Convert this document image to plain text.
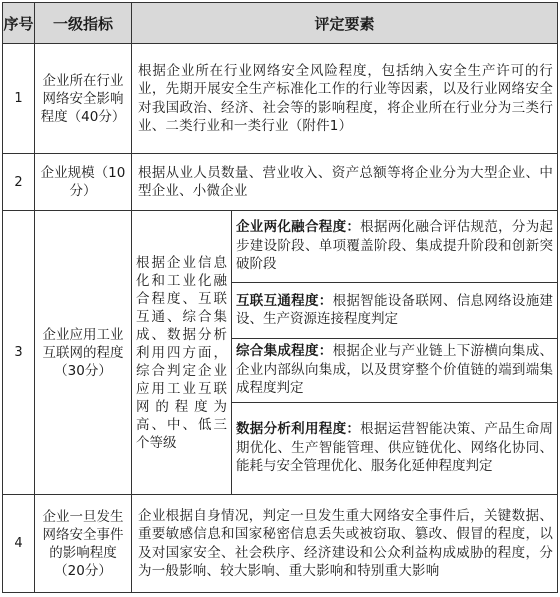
序号	一级指标	评定要素	
1	企业所在行业网络安全影响程度（40分）	根据企业所在行业网络安全风险程度，包括纳入安全生产许可的行业，先期开展安全生产标准化工作的行业等因素，以及行业网络安全对我国政治、经济、社会等的影响程度，将企业所在行业分为三类行业、二类行业和一类行业（附件1）	
2	企业规模（10分）	根据从业人员数量、营业收入、资产总额等将企业分为大型企业、中型企业、小微企业	
3	企业应用工业互联网的程度（30分）	根据企业信息化和工业化融合程度、互联互通、综合集成、数据分析利用四方面，综合判定企业应用工业互联网的程度为高、中、低三个等级	企业两化融合程度：根据两化融合评估规范，分为起步建设阶段、单项覆盖阶段、集成提升阶段和创新突破阶段
			互联互通程度：根据智能设备联网、信息网络设施建设、生产资源连接程度判定
			综合集成程度：根据企业与产业链上下游横向集成、企业内部纵向集成，以及贯穿整个价值链的端到端集成程度判定
			数据分析利用程度：根据运营智能决策、产品生命周期优化、生产智能管理、供应链优化、网络化协同、能耗与安全管理优化、服务化延伸程度判定
4	企业一旦发生网络安全事件的影响程度（20分）	企业根据自身情况，判定一旦发生重大网络安全事件后，关键数据、重要敏感信息和国家秘密信息丢失或被窃取、篡改、假冒的程度，以及对国家安全、社会秩序、经济建设和公众利益构成威胁的程度，分为一般影响、较大影响、重大影响和特别重大影响	
